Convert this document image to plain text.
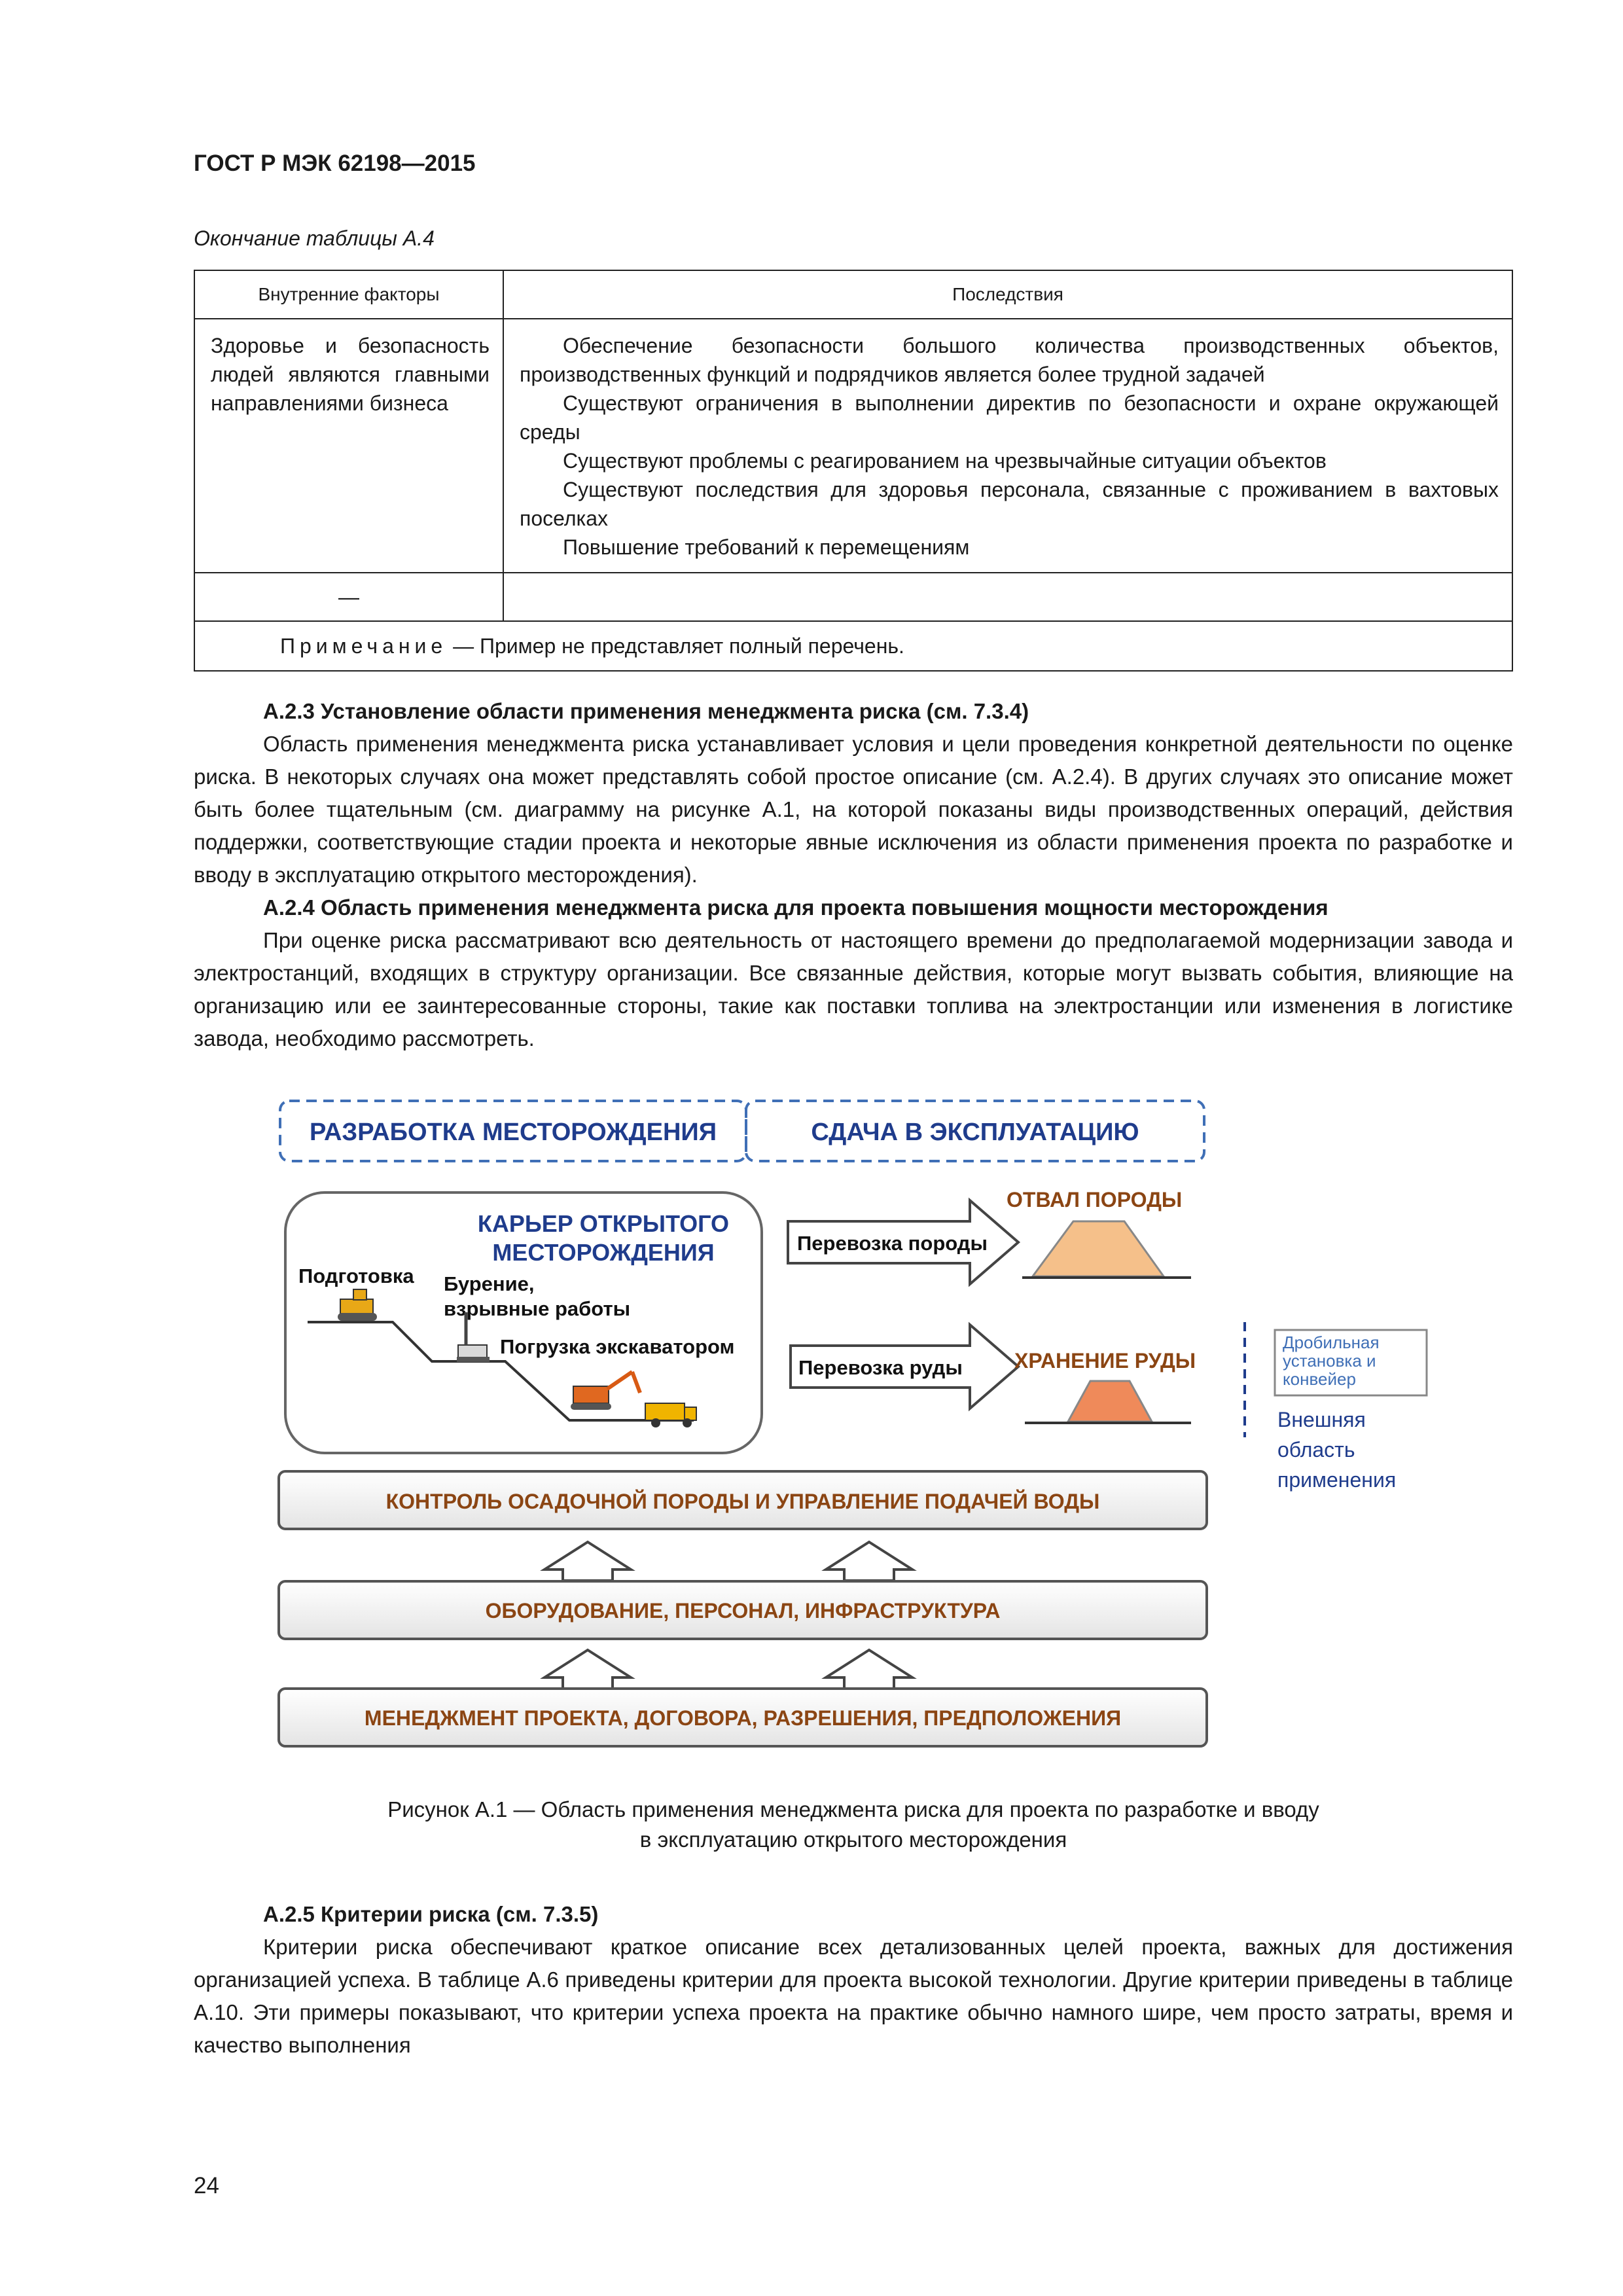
ГОСТ Р МЭК 62198—2015
Окончание таблицы А.4
Внутренние факторы	Последствия
Здоровье и безопасность людей являются главными направлениями бизнеса	Обеспечение безопасности большого количества производственных объектов, производственных функций и подрядчиков является более трудной задачей

Существуют ограничения в выполнении директив по безопасности и охране окружающей среды

Существуют проблемы с реагированием на чрезвычайные ситуации объектов

Существуют последствия для здоровья персонала, связанные с проживанием в вахтовых поселках

Повышение требований к перемещениям

—	
Примечание — Пример не представляет полный перечень.	

А.2.3 Установление области применения менеджмента риска (см. 7.3.4)

Область применения менеджмента риска устанавливает условия и цели проведения конкретной деятельности по оценке риска. В некоторых случаях она может представлять собой простое описание (см. А.2.4). В других случаях это описание может быть более тщательным (см. диаграмму на рисунке А.1, на которой показаны виды производственных операций, действия поддержки, соответствующие стадии проекта и некоторые явные исключения из области применения проекта по разработке и вводу в эксплуатацию открытого месторождения).

А.2.4 Область применения менеджмента риска для проекта повышения мощности месторождения

При оценке риска рассматривают всю деятельность от настоящего времени до предполагаемой модернизации завода и электростанций, входящих в структуру организации. Все связанные действия, которые могут вызвать события, влияющие на организацию или ее заинтересованные стороны, такие как поставки топлива на электростанции или изменения в логистике завода, необходимо рассмотреть.

РАЗРАБОТКА МЕСТОРОЖДЕНИЯ	СДАЧА В ЭКСПЛУАТАЦИЮ
КАРЬЕР ОТКРЫТОГО
МЕСТОРОЖДЕНИЯ
Подготовка Бурение,
взрывные работы
Погрузка экскаватором
Перевозка породы
Перевозка руды
ОТВАЛ ПОРОДЫ
ХРАНЕНИЕ РУДЫ
Дробильная
установка и
конвейер
Внешняя
область
применения
КОНТРОЛЬ ОСАДОЧНОЙ ПОРОДЫ И УПРАВЛЕНИЕ ПОДАЧЕЙ ВОДЫ
ОБОРУДОВАНИЕ, ПЕРСОНАЛ, ИНФРАСТРУКТУРА
МЕНЕДЖМЕНТ ПРОЕКТА, ДОГОВОРА, РАЗРЕШЕНИЯ, ПРЕДПОЛОЖЕНИЯ
Рисунок А.1 — Область применения менеджмента риска для проекта по разработке и вводу
в эксплуатацию открытого месторождения

А.2.5 Критерии риска (см. 7.3.5)

Критерии риска обеспечивают краткое описание всех детализованных целей проекта, важных для достижения организацией успеха. В таблице А.6 приведены критерии для проекта высокой технологии. Другие критерии приведены в таблице А.10. Эти примеры показывают, что критерии успеха проекта на практике обычно намного шире, чем просто затраты, время и качество выполнения

24
